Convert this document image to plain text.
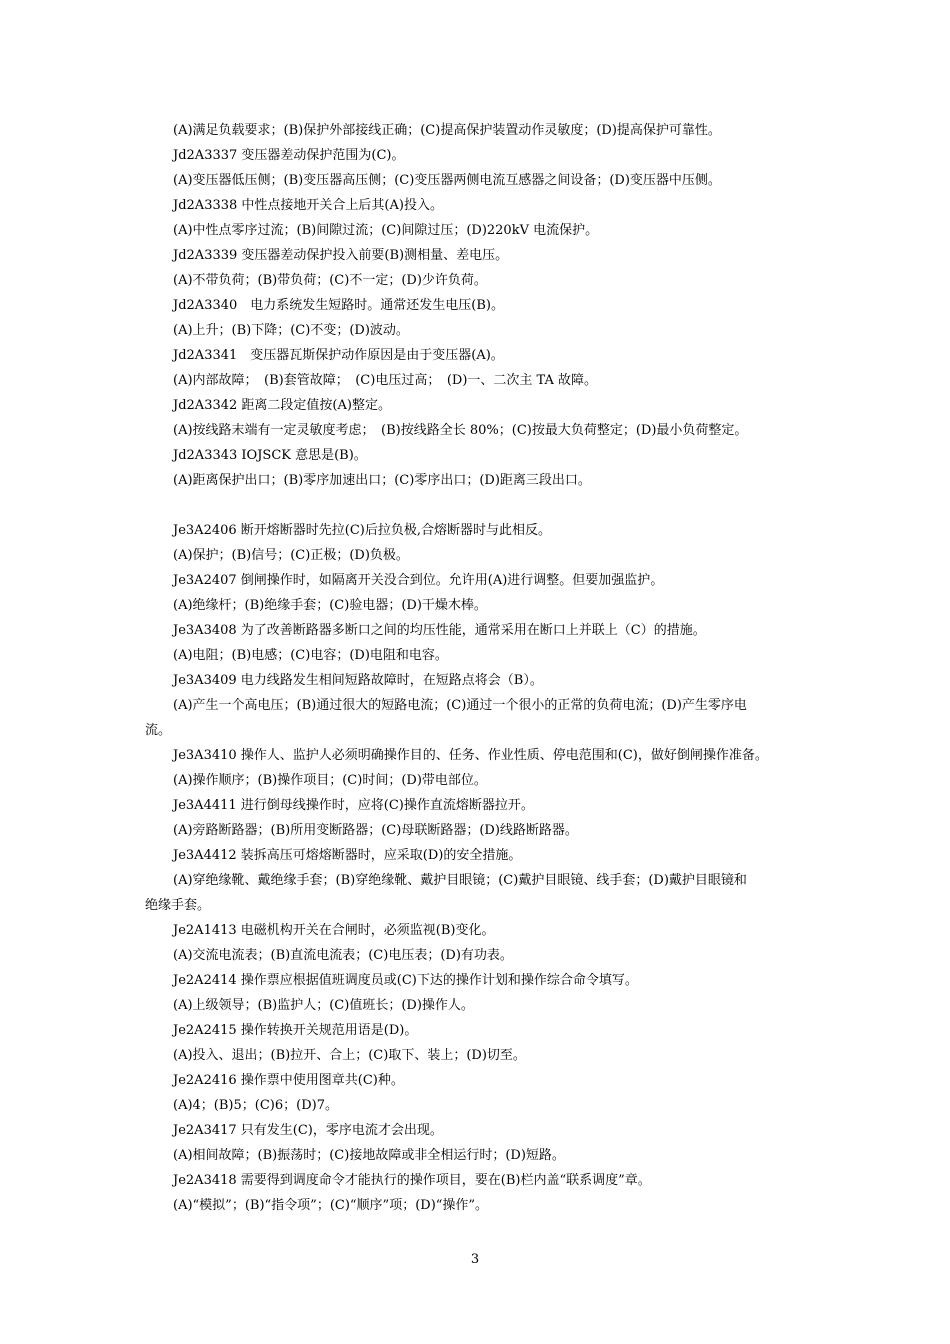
(A)满足负载要求；(B)保护外部接线正确；(C)提高保护装置动作灵敏度；(D)提高保护可靠性。
Jd2A3337 变压器差动保护范围为(C)。
(A)变压器低压侧；(B)变压器高压侧；(C)变压器两侧电流互感器之间设备；(D)变压器中压侧。
Jd2A3338 中性点接地开关合上后其(A)投入。
(A)中性点零序过流；(B)间隙过流；(C)间隙过压；(D)220kV 电流保护。
Jd2A3339 变压器差动保护投入前要(B)测相量、差电压。
(A)不带负荷；(B)带负荷；(C)不一定；(D)少许负荷。
Jd2A3340　电力系统发生短路时。通常还发生电压(B)。
(A)上升；(B)下降；(C)不变；(D)波动。
Jd2A3341　变压器瓦斯保护动作原因是由于变压器(A)。
(A)内部故障；　(B)套管故障；　(C)电压过高；　(D)一、二次主 TA 故障。
Jd2A3342 距离二段定值按(A)整定。
(A)按线路末端有一定灵敏度考虑；　(B)按线路全长 80%；(C)按最大负荷整定；(D)最小负荷整定。
Jd2A3343 IOJSCK 意思是(B)。
(A)距离保护出口；(B)零序加速出口；(C)零序出口；(D)距离三段出口。
Je3A2406 断开熔断器时先拉(C)后拉负极,合熔断器时与此相反。
(A)保护；(B)信号；(C)正极；(D)负极。
Je3A2407 倒闸操作时，如隔离开关没合到位。允许用(A)进行调整。但要加强监护。
(A)绝缘杆；(B)绝缘手套；(C)验电器；(D)干燥木棒。
Je3A3408 为了改善断路器多断口之间的均压性能，通常采用在断口上并联上（C）的措施。
(A)电阻；(B)电感；(C)电容；(D)电阻和电容。
Je3A3409 电力线路发生相间短路故障时，在短路点将会（B）。
(A)产生一个高电压；(B)通过很大的短路电流；(C)通过一个很小的正常的负荷电流；(D)产生零序电
流。
Je3A3410 操作人、监护人必须明确操作目的、任务、作业性质、停电范围和(C)，做好倒闸操作准备。
(A)操作顺序；(B)操作项目；(C)时间；(D)带电部位。
Je3A4411 进行倒母线操作时，应将(C)操作直流熔断器拉开。
(A)旁路断路器；(B)所用变断路器；(C)母联断路器；(D)线路断路器。
Je3A4412 装拆高压可熔熔断器时，应采取(D)的安全措施。
(A)穿绝缘靴、戴绝缘手套；(B)穿绝缘靴、戴护目眼镜；(C)戴护目眼镜、线手套；(D)戴护目眼镜和
绝缘手套。
Je2A1413 电磁机构开关在合闸时，必须监视(B)变化。
(A)交流电流表；(B)直流电流表；(C)电压表；(D)有功表。
Je2A2414 操作票应根据值班调度员或(C)下达的操作计划和操作综合命令填写。
(A)上级领导；(B)监护人；(C)值班长；(D)操作人。
Je2A2415 操作转换开关规范用语是(D)。
(A)投入、退出；(B)拉开、合上；(C)取下、装上；(D)切至。
Je2A2416 操作票中使用图章共(C)种。
(A)4；(B)5；(C)6；(D)7。
Je2A3417 只有发生(C)，零序电流才会出现。
(A)相间故障；(B)振荡时；(C)接地故障或非全相运行时；(D)短路。
Je2A3418 需要得到调度命令才能执行的操作项目，要在(B)栏内盖“联系调度”章。
(A)“模拟”；(B)“指令项”；(C)“顺序”项；(D)“操作”。
3
